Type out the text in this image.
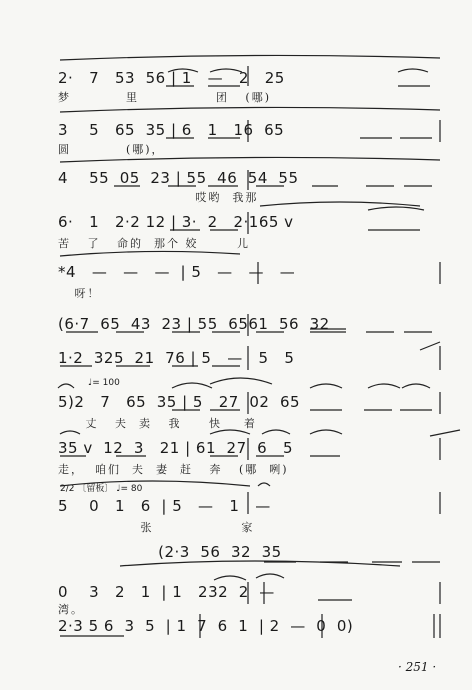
2·   7   53  56 | 1   —   2   25
梦          里              团   (哪)
3    5   65  35 | 6   1   16  65
圆          (哪)，
4    55  05  23 | 55  46  54  55
哎哟  我那
6·   1   2·2 12 | 3·  2   2·165 v
苦   了   命的  那个 姣       儿
*4   —   —   —  | 5   —   —   —
呀！
(6·7  65  43  23 | 55  6561  56  32
1·2  325  21  76 | 5   —   5   5
♩= 100
5)2   7   65  35 | 5   27  02  65
丈   夫  卖   我     快    着
35 v  12  3   21 | 61  27  6   5
走，  咱们  夫  妻  赶   奔   (哪  咧)
2/2 〔留板〕 ♩= 80
5    0   1   6  | 5   —   1   —
张                家
(2·3  56  32  35
0    3   2   1  | 1   232  2  —
湾。
2·3 5 6  3  5  | 1  7  6  1  | 2  —  0  0)
· 251 ·
